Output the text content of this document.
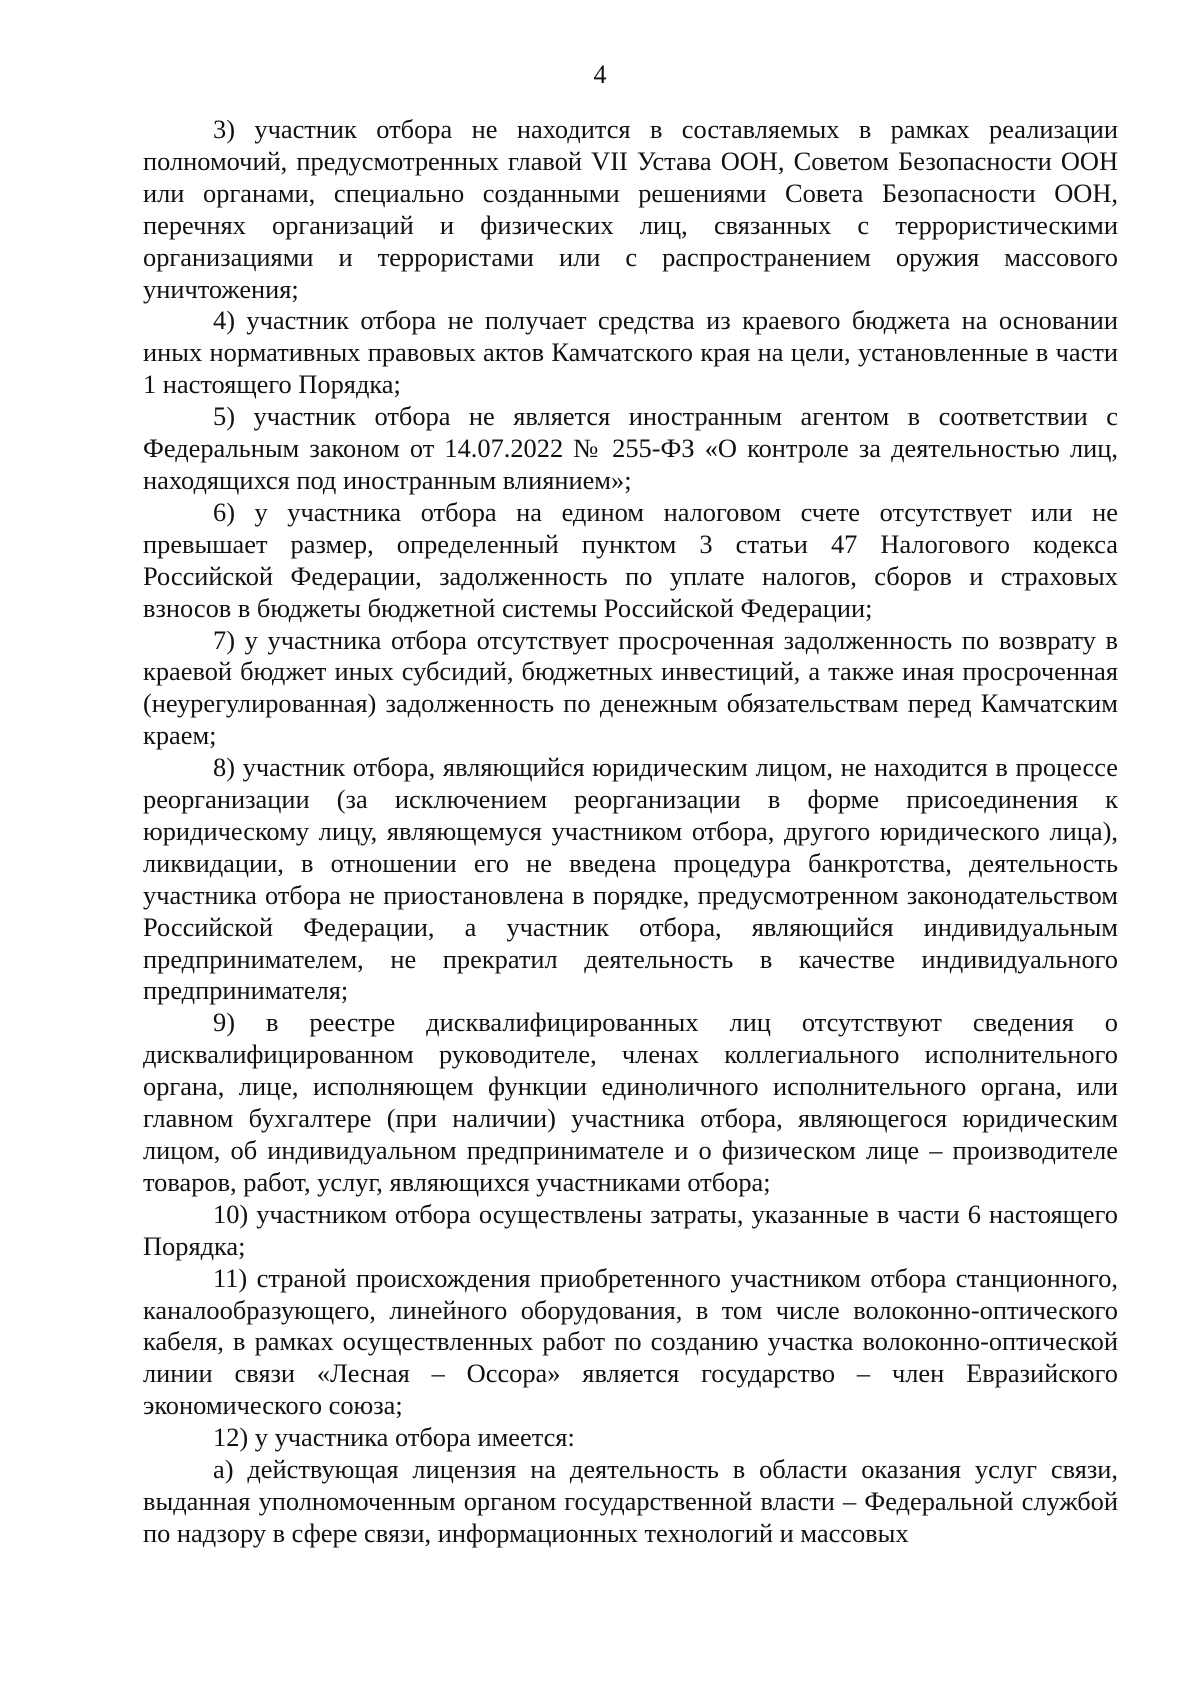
4

3) участник отбора не находится в составляемых в рамках реализации полномочий, предусмотренных главой VII Устава ООН, Советом Безопасности ООН или органами, специально созданными решениями Совета Безопасности ООН, перечнях организаций и физических лиц, связанных с террористическими организациями и террористами или с распространением оружия массового уничтожения;

4) участник отбора не получает средства из краевого бюджета на основании иных нормативных правовых актов Камчатского края на цели, установленные в части 1 настоящего Порядка;

5) участник отбора не является иностранным агентом в соответствии с Федеральным законом от 14.07.2022 № 255-ФЗ «О контроле за деятельностью лиц, находящихся под иностранным влиянием»;

6) у участника отбора на едином налоговом счете отсутствует или не превышает размер, определенный пунктом 3 статьи 47 Налогового кодекса Российской Федерации, задолженность по уплате налогов, сборов и страховых взносов в бюджеты бюджетной системы Российской Федерации;

7) у участника отбора отсутствует просроченная задолженность по возврату в краевой бюджет иных субсидий, бюджетных инвестиций, а также иная просроченная (неурегулированная) задолженность по денежным обязательствам перед Камчатским краем;

8) участник отбора, являющийся юридическим лицом, не находится в процессе реорганизации (за исключением реорганизации в форме присоединения к юридическому лицу, являющемуся участником отбора, другого юридического лица), ликвидации, в отношении его не введена процедура банкротства, деятельность участника отбора не приостановлена в порядке, предусмотренном законодательством Российской Федерации, а участник отбора, являющийся индивидуальным предпринимателем, не прекратил деятельность в качестве индивидуального предпринимателя;

9) в реестре дисквалифицированных лиц отсутствуют сведения о дисквалифицированном руководителе, членах коллегиального исполнительного органа, лице, исполняющем функции единоличного исполнительного органа, или главном бухгалтере (при наличии) участника отбора, являющегося юридическим лицом, об индивидуальном предпринимателе и о физическом лице – производителе товаров, работ, услуг, являющихся участниками отбора;

10) участником отбора осуществлены затраты, указанные в части 6 настоящего Порядка;

11) страной происхождения приобретенного участником отбора станционного, каналообразующего, линейного оборудования, в том числе волоконно-оптического кабеля, в рамках осуществленных работ по созданию участка волоконно-оптической линии связи «Лесная – Оссора» является государство – член Евразийского экономического союза;

12) у участника отбора имеется:

а) действующая лицензия на деятельность в области оказания услуг связи, выданная уполномоченным органом государственной власти – Федеральной службой по надзору в сфере связи, информационных технологий и массовых
